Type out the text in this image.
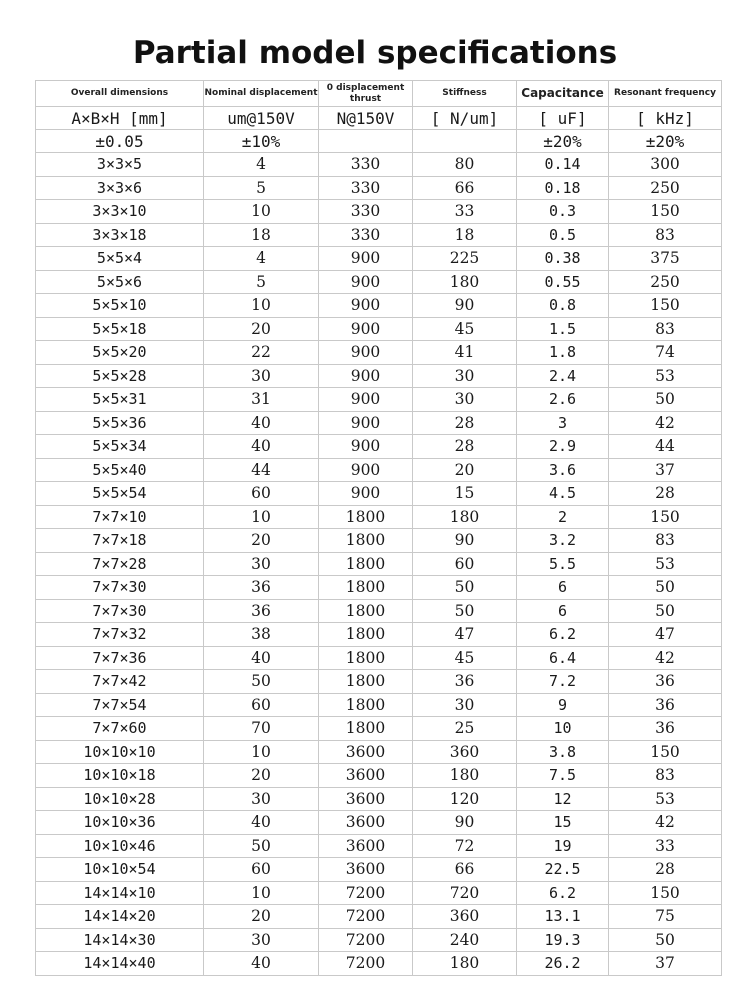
Partial model specifications
Overall dimensions	Nominal displacement	0 displacement thrust	Stiffness	Capacitance	Resonant frequency
A×B×H [mm]	um@150V	N@150V	[ N/um]	[ uF]	[ kHz]
±0.05	±10%			±20%	±20%
3×3×5	4	330	80	0.14	300
3×3×6	5	330	66	0.18	250
3×3×10	10	330	33	0.3	150
3×3×18	18	330	18	0.5	83
5×5×4	4	900	225	0.38	375
5×5×6	5	900	180	0.55	250
5×5×10	10	900	90	0.8	150
5×5×18	20	900	45	1.5	83
5×5×20	22	900	41	1.8	74
5×5×28	30	900	30	2.4	53
5×5×31	31	900	30	2.6	50
5×5×36	40	900	28	3	42
5×5×34	40	900	28	2.9	44
5×5×40	44	900	20	3.6	37
5×5×54	60	900	15	4.5	28
7×7×10	10	1800	180	2	150
7×7×18	20	1800	90	3.2	83
7×7×28	30	1800	60	5.5	53
7×7×30	36	1800	50	6	50
7×7×30	36	1800	50	6	50
7×7×32	38	1800	47	6.2	47
7×7×36	40	1800	45	6.4	42
7×7×42	50	1800	36	7.2	36
7×7×54	60	1800	30	9	36
7×7×60	70	1800	25	10	36
10×10×10	10	3600	360	3.8	150
10×10×18	20	3600	180	7.5	83
10×10×28	30	3600	120	12	53
10×10×36	40	3600	90	15	42
10×10×46	50	3600	72	19	33
10×10×54	60	3600	66	22.5	28
14×14×10	10	7200	720	6.2	150
14×14×20	20	7200	360	13.1	75
14×14×30	30	7200	240	19.3	50
14×14×40	40	7200	180	26.2	37
